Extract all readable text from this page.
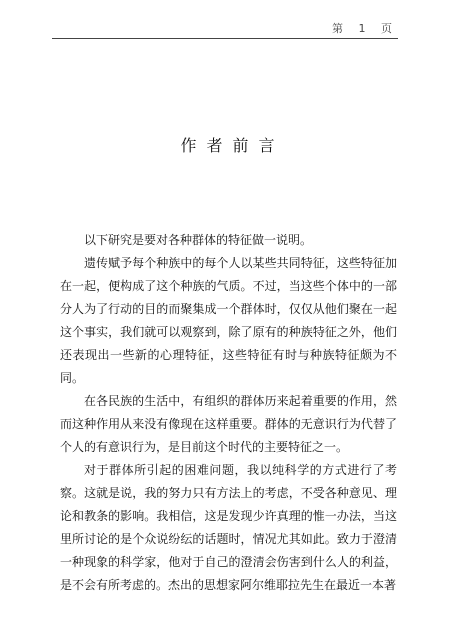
第 1 页
作者前言

以下研究是要对各种群体的特征做一说明。

遗传赋予每个种族中的每个人以某些共同特征，这些特征加在一起，便构成了这个种族的气质。不过，当这些个体中的一部分人为了行动的目的而聚集成一个群体时，仅仅从他们聚在一起这个事实，我们就可以观察到，除了原有的种族特征之外，他们还表现出一些新的心理特征，这些特征有时与种族特征颇为不同。

在各民族的生活中，有组织的群体历来起着重要的作用，然而这种作用从来没有像现在这样重要。群体的无意识行为代替了个人的有意识行为，是目前这个时代的主要特征之一。

对于群体所引起的困难问题，我以纯科学的方式进行了考察。这就是说，我的努力只有方法上的考虑，不受各种意见、理论和教条的影响。我相信，这是发现少许真理的惟一办法，当这里所讨论的是个众说纷纭的话题时，情况尤其如此。致力于澄清一种现象的科学家，他对于自己的澄清会伤害到什么人的利益，是不会有所考虑的。杰出的思想家阿尔维耶拉先生在最近一本著
